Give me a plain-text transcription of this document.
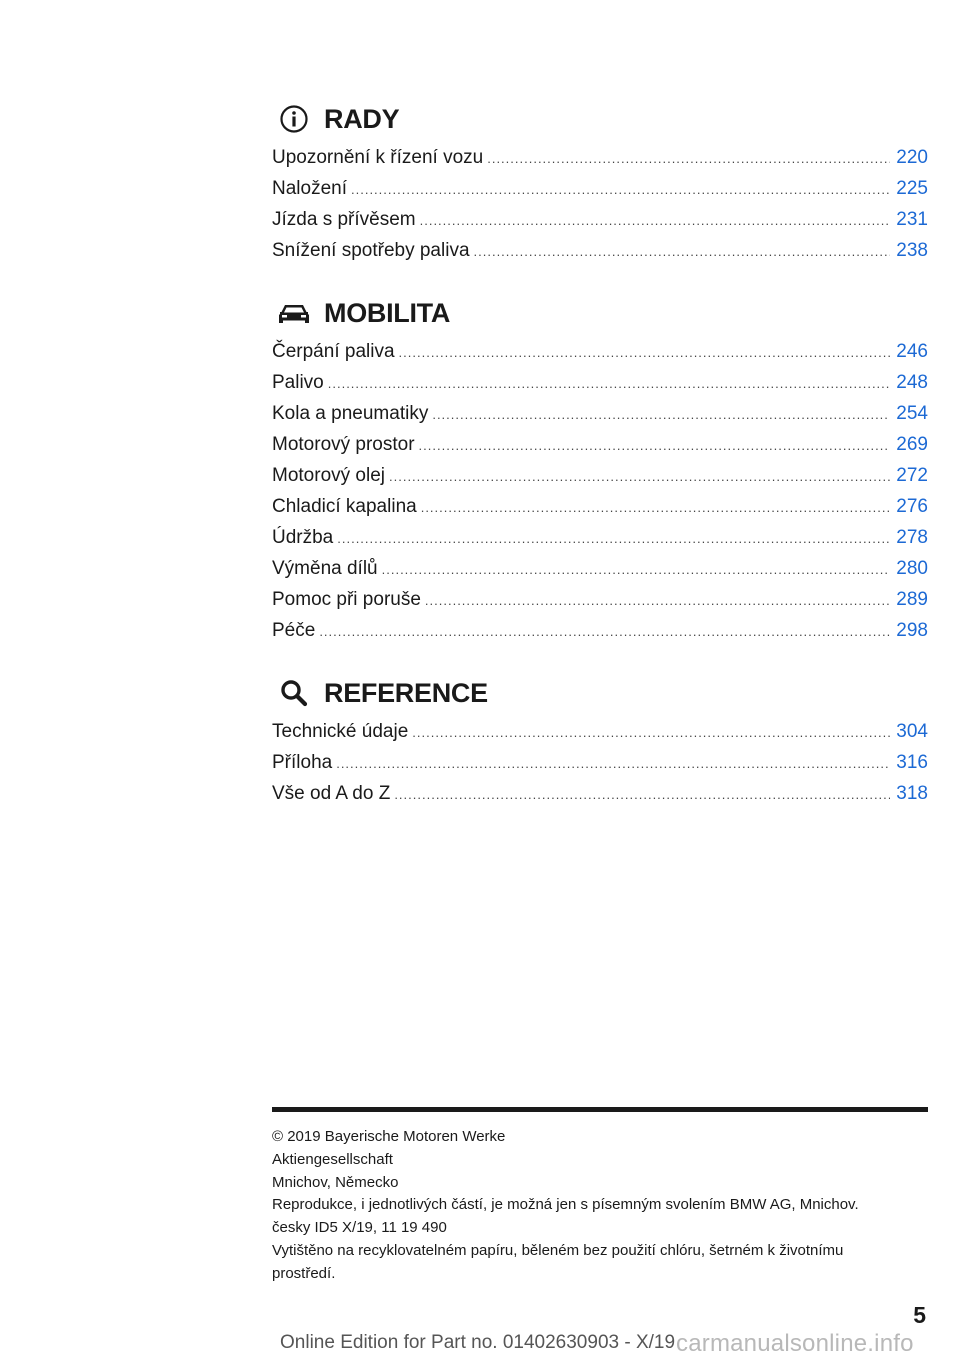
RADY
Upozornění k řízení vozu .....	220
Naložení .....	225
Jízda s přívěsem .....	231
Snížení spotřeby paliva .....	238
MOBILITA
Čerpání paliva .....	246
Palivo .....	248
Kola a pneumatiky .....	254
Motorový prostor .....	269
Motorový olej .....	272
Chladicí kapalina .....	276
Údržba .....	278
Výměna dílů .....	280
Pomoc při poruše .....	289
Péče .....	298
REFERENCE
Technické údaje .....	304
Příloha .....	316
Vše od A do Z .....	318
© 2019 Bayerische Motoren Werke
Aktiengesellschaft
Mnichov, Německo
Reprodukce, i jednotlivých částí, je možná jen s písemným svolením BMW AG, Mnichov.
česky ID5 X/19, 11 19 490
Vytištěno na recyklovatelném papíru, běleném bez použití chlóru, šetrném k životnímu
prostředí.
5
Online Edition for Part no. 01402630903 - X/19 carmanualsonline.info
